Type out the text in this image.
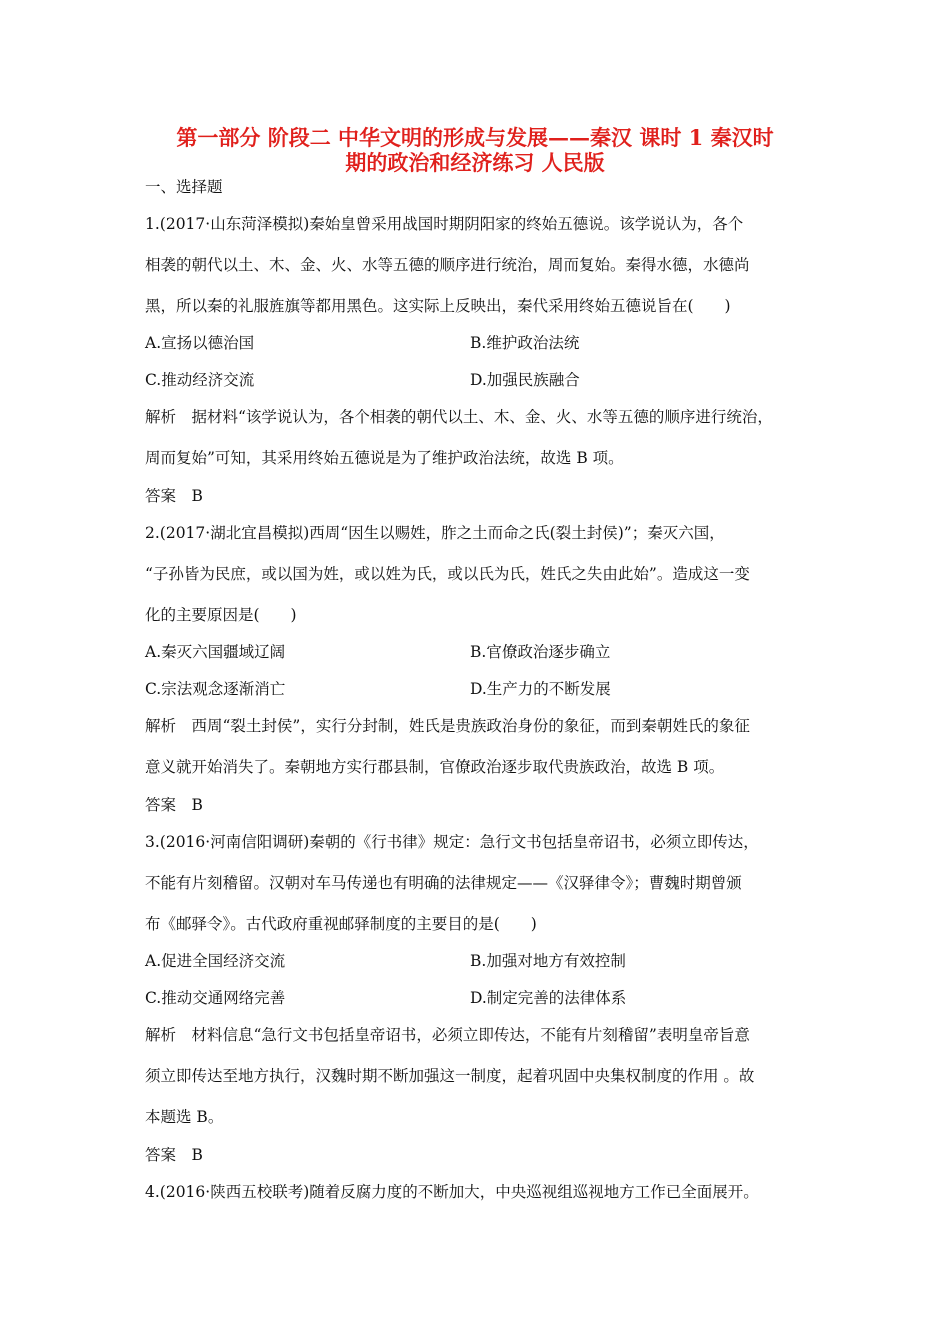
第一部分 阶段二 中华文明的形成与发展——秦汉 课时 1 秦汉时
期的政治和经济练习 人民版
一、选择题
1.(2017·山东菏泽模拟)秦始皇曾采用战国时期阴阳家的终始五德说。该学说认为，各个
相袭的朝代以土、木、金、火、水等五德的顺序进行统治，周而复始。秦得水德，水德尚
黑，所以秦的礼服旌旗等都用黑色。这实际上反映出，秦代采用终始五德说旨在(　　)
A.宣扬以德治国	B.维护政治法统
C.推动经济交流	D.加强民族融合
解析　据材料“该学说认为，各个相袭的朝代以土、木、金、火、水等五德的顺序进行统治，
周而复始”可知，其采用终始五德说是为了维护政治法统，故选 B 项。
答案　B
2.(2017·湖北宜昌模拟)西周“因生以赐姓，胙之土而命之氏(裂土封侯)”；秦灭六国，
“子孙皆为民庶，或以国为姓，或以姓为氏，或以氏为氏，姓氏之失由此始”。造成这一变
化的主要原因是(　　)
A.秦灭六国疆域辽阔	B.官僚政治逐步确立
C.宗法观念逐渐消亡	D.生产力的不断发展
解析　西周“裂土封侯”，实行分封制，姓氏是贵族政治身份的象征，而到秦朝姓氏的象征
意义就开始消失了。秦朝地方实行郡县制，官僚政治逐步取代贵族政治，故选 B 项。
答案　B
3.(2016·河南信阳调研)秦朝的《行书律》规定：急行文书包括皇帝诏书，必须立即传达，
不能有片刻稽留。汉朝对车马传递也有明确的法律规定——《汉驿律令》；曹魏时期曾颁
布《邮驿令》。古代政府重视邮驿制度的主要目的是(　　)
A.促进全国经济交流	B.加强对地方有效控制
C.推动交通网络完善	D.制定完善的法律体系
解析　材料信息“急行文书包括皇帝诏书，必须立即传达，不能有片刻稽留”表明皇帝旨意
须立即传达至地方执行，汉魏时期不断加强这一制度，起着巩固中央集权制度的作用 。故
本题选 B。
答案　B
4.(2016·陕西五校联考)随着反腐力度的不断加大，中央巡视组巡视地方工作已全面展开。
